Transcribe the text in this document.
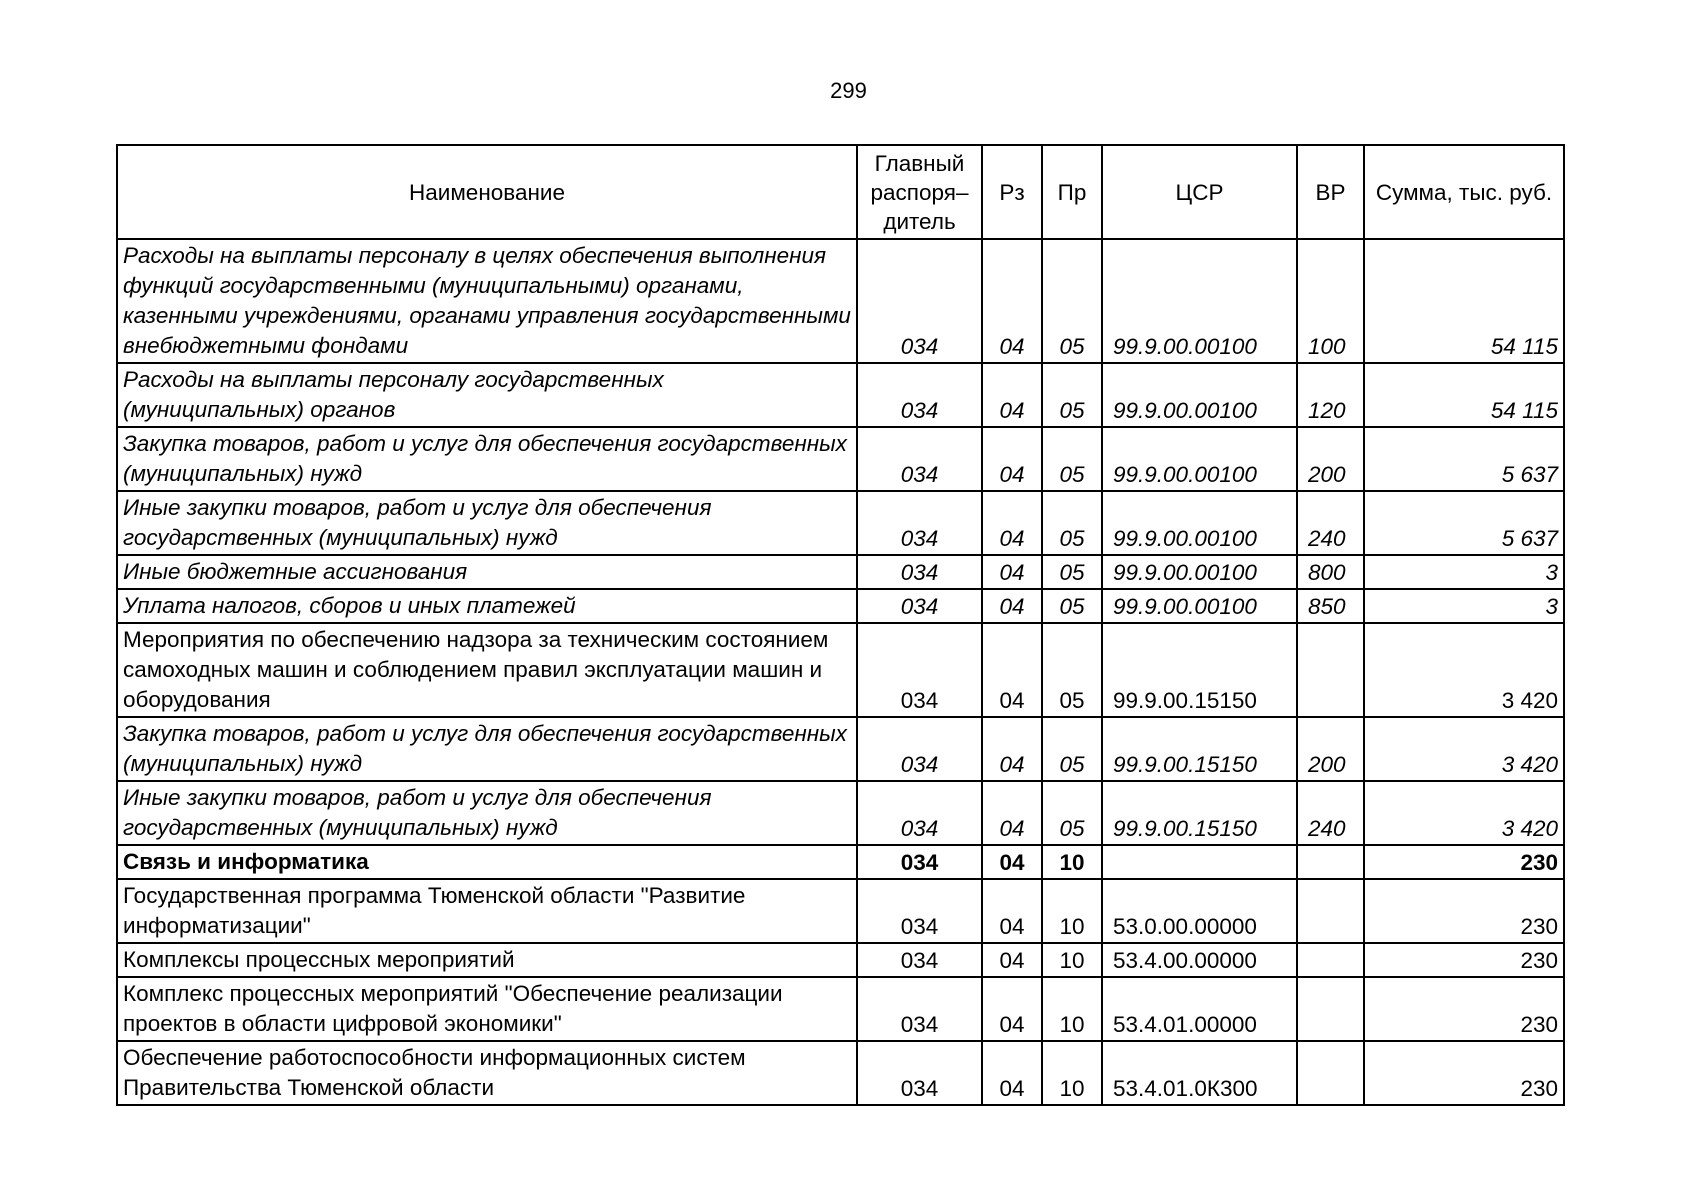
299
Наименование	Главный распоря– дитель	Рз	Пр	ЦСР	ВР	Сумма, тыс. руб.
Расходы на выплаты персоналу в целях обеспечения выполнения функций государственными (муниципальными) органами, казенными учреждениями, органами управления государственными внебюджетными фондами	034	04	05	99.9.00.00100	100	54 115
Расходы на выплаты персоналу государственных (муниципальных) органов	034	04	05	99.9.00.00100	120	54 115
Закупка товаров, работ и услуг для обеспечения государственных (муниципальных) нужд	034	04	05	99.9.00.00100	200	5 637
Иные закупки товаров, работ и услуг для обеспечения государственных (муниципальных) нужд	034	04	05	99.9.00.00100	240	5 637
Иные бюджетные ассигнования	034	04	05	99.9.00.00100	800	3
Уплата налогов, сборов и иных платежей	034	04	05	99.9.00.00100	850	3
Мероприятия по обеспечению надзора за техническим состоянием самоходных машин и соблюдением правил эксплуатации машин и оборудования	034	04	05	99.9.00.15150		3 420
Закупка товаров, работ и услуг для обеспечения государственных (муниципальных) нужд	034	04	05	99.9.00.15150	200	3 420
Иные закупки товаров, работ и услуг для обеспечения государственных (муниципальных) нужд	034	04	05	99.9.00.15150	240	3 420
Связь и информатика	034	04	10			230
Государственная программа Тюменской области "Развитие информатизации"	034	04	10	53.0.00.00000		230
Комплексы процессных мероприятий	034	04	10	53.4.00.00000		230
Комплекс процессных мероприятий "Обеспечение реализации проектов в области цифровой экономики"	034	04	10	53.4.01.00000		230
Обеспечение работоспособности информационных систем Правительства Тюменской области	034	04	10	53.4.01.0К300		230
